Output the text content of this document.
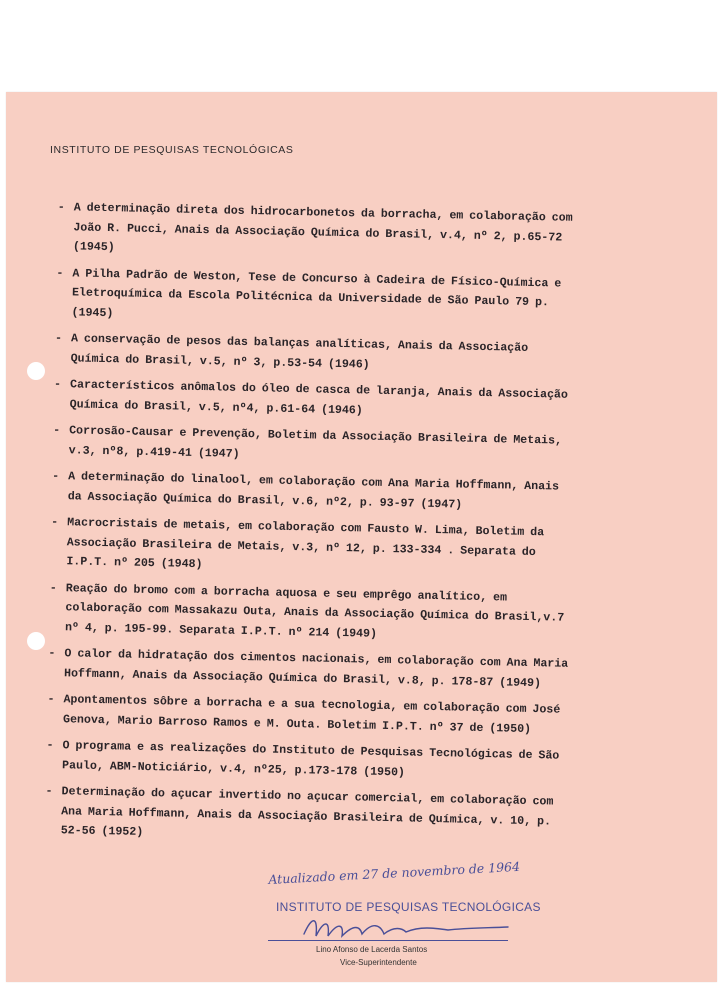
INSTITUTO DE PESQUISAS TECNOLÓGICAS
- A determinação direta dos hidrocarbonetos da borracha, em colaboração com João R. Pucci, Anais da Associação Química do Brasil, v.4, nº 2, p.65-72 (1945)
- A Pilha Padrão de Weston, Tese de Concurso à Cadeira de Físico-Química e Eletroquímica da Escola Politécnica da Universidade de São Paulo 79 p. (1945)
- A conservação de pesos das balanças analíticas, Anais da Associação Química do Brasil, v.5, nº 3, p.53-54 (1946)
- Característicos anômalos do óleo de casca de laranja, Anais da Associação Química do Brasil, v.5, nº4, p.61-64 (1946)
- Corrosão-Causar e Prevenção, Boletim da Associação Brasileira de Metais, v.3, nº8, p.419-41 (1947)
- A determinação do linalool, em colaboração com Ana Maria Hoffmann, Anais da Associação Química do Brasil, v.6, nº2, p. 93-97 (1947)
- Macrocristais de metais, em colaboração com Fausto W. Lima, Boletim da Associação Brasileira de Metais, v.3, nº 12, p. 133-334 . Separata do I.P.T. nº 205 (1948)
- Reação do bromo com a borracha aquosa e seu emprêgo analítico, em colaboração com Massakazu Outa, Anais da Associação Química do Brasil,v.7 nº 4, p. 195-99. Separata I.P.T. nº 214 (1949)
- O calor da hidratação dos cimentos nacionais, em colaboração com Ana Maria Hoffmann, Anais da Associação Química do Brasil, v.8, p. 178-87 (1949)
- Apontamentos sôbre a borracha e a sua tecnologia, em colaboração com José Genova, Mario Barroso Ramos e M. Outa. Boletim I.P.T. nº 37 de (1950)
- O programa e as realizações do Instituto de Pesquisas Tecnológicas de São Paulo, ABM-Noticiário, v.4, nº25, p.173-178 (1950)
- Determinação do açucar invertido no açucar comercial, em colaboração com Ana Maria Hoffmann, Anais da Associação Brasileira de Química, v. 10, p. 52-56 (1952)
Atualizado em 27 de novembro de 1964
INSTITUTO DE PESQUISAS TECNOLÓGICAS
Lino Afonso de Lacerda Santos
Vice-Superintendente
